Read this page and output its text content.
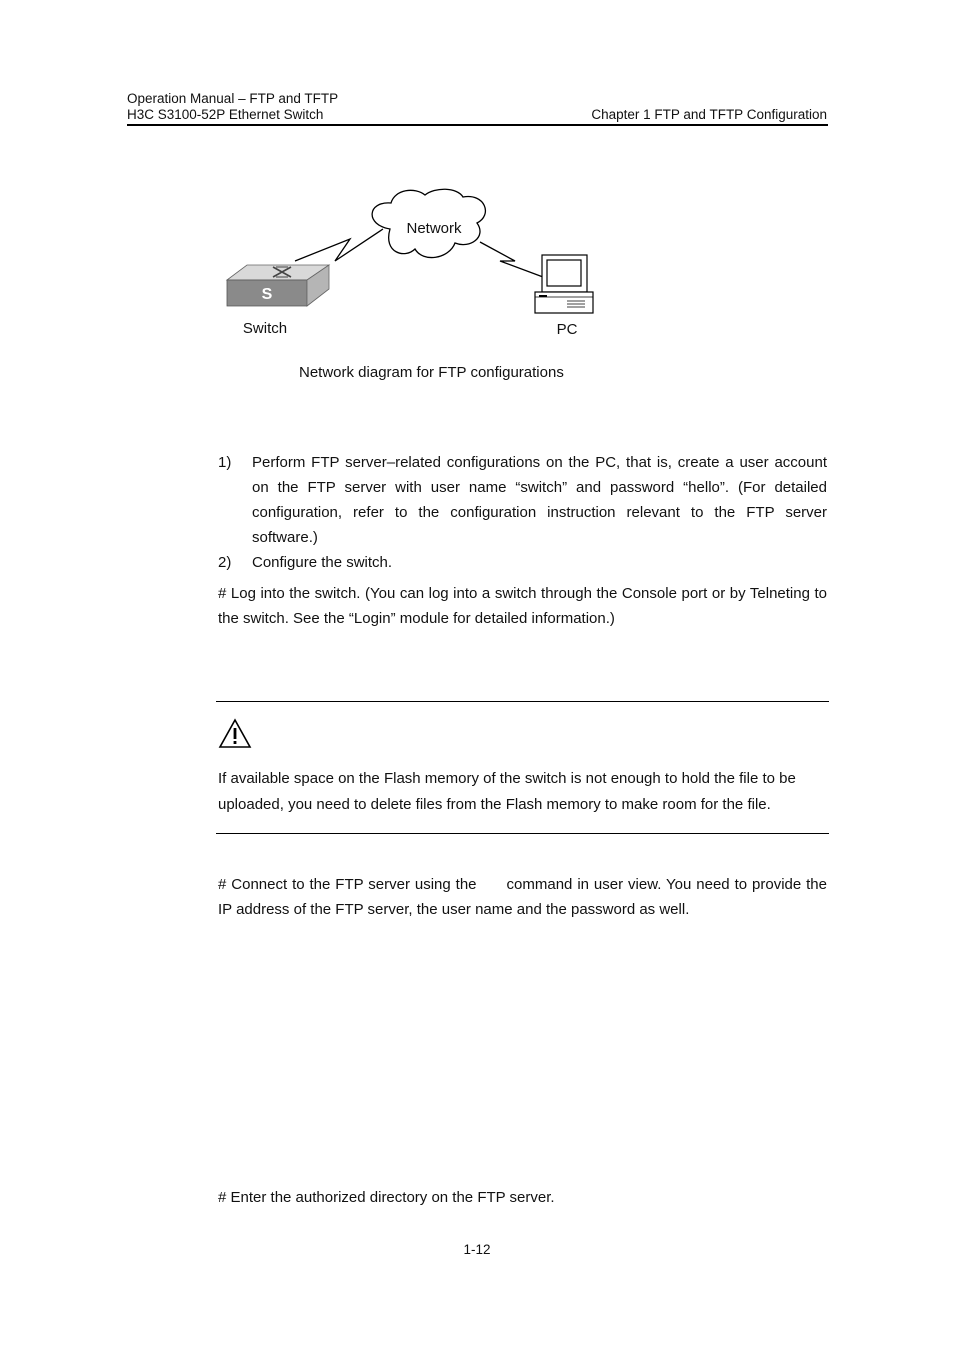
Operation Manual – FTP and TFTP
H3C S3100-52P Ethernet Switch	Chapter 1 FTP and TFTP Configuration
Network
S
Switch	PC
Network diagram for FTP configurations
1) Perform FTP server–related configurations on the PC, that is, create a user account on the FTP server with user name “switch” and password “hello”. (For detailed configuration, refer to the configuration instruction relevant to the FTP server software.)
2) Configure the switch.
# Log into the switch. (You can log into a switch through the Console port or by Telneting to the switch. See the “Login” module for detailed information.)
If available space on the Flash memory of the switch is not enough to hold the file to be uploaded, you need to delete files from the Flash memory to make room for the file.
# Connect to the FTP server using the command in user view. You need to provide the IP address of the FTP server, the user name and the password as well.
# Enter the authorized directory on the FTP server.
1-12
